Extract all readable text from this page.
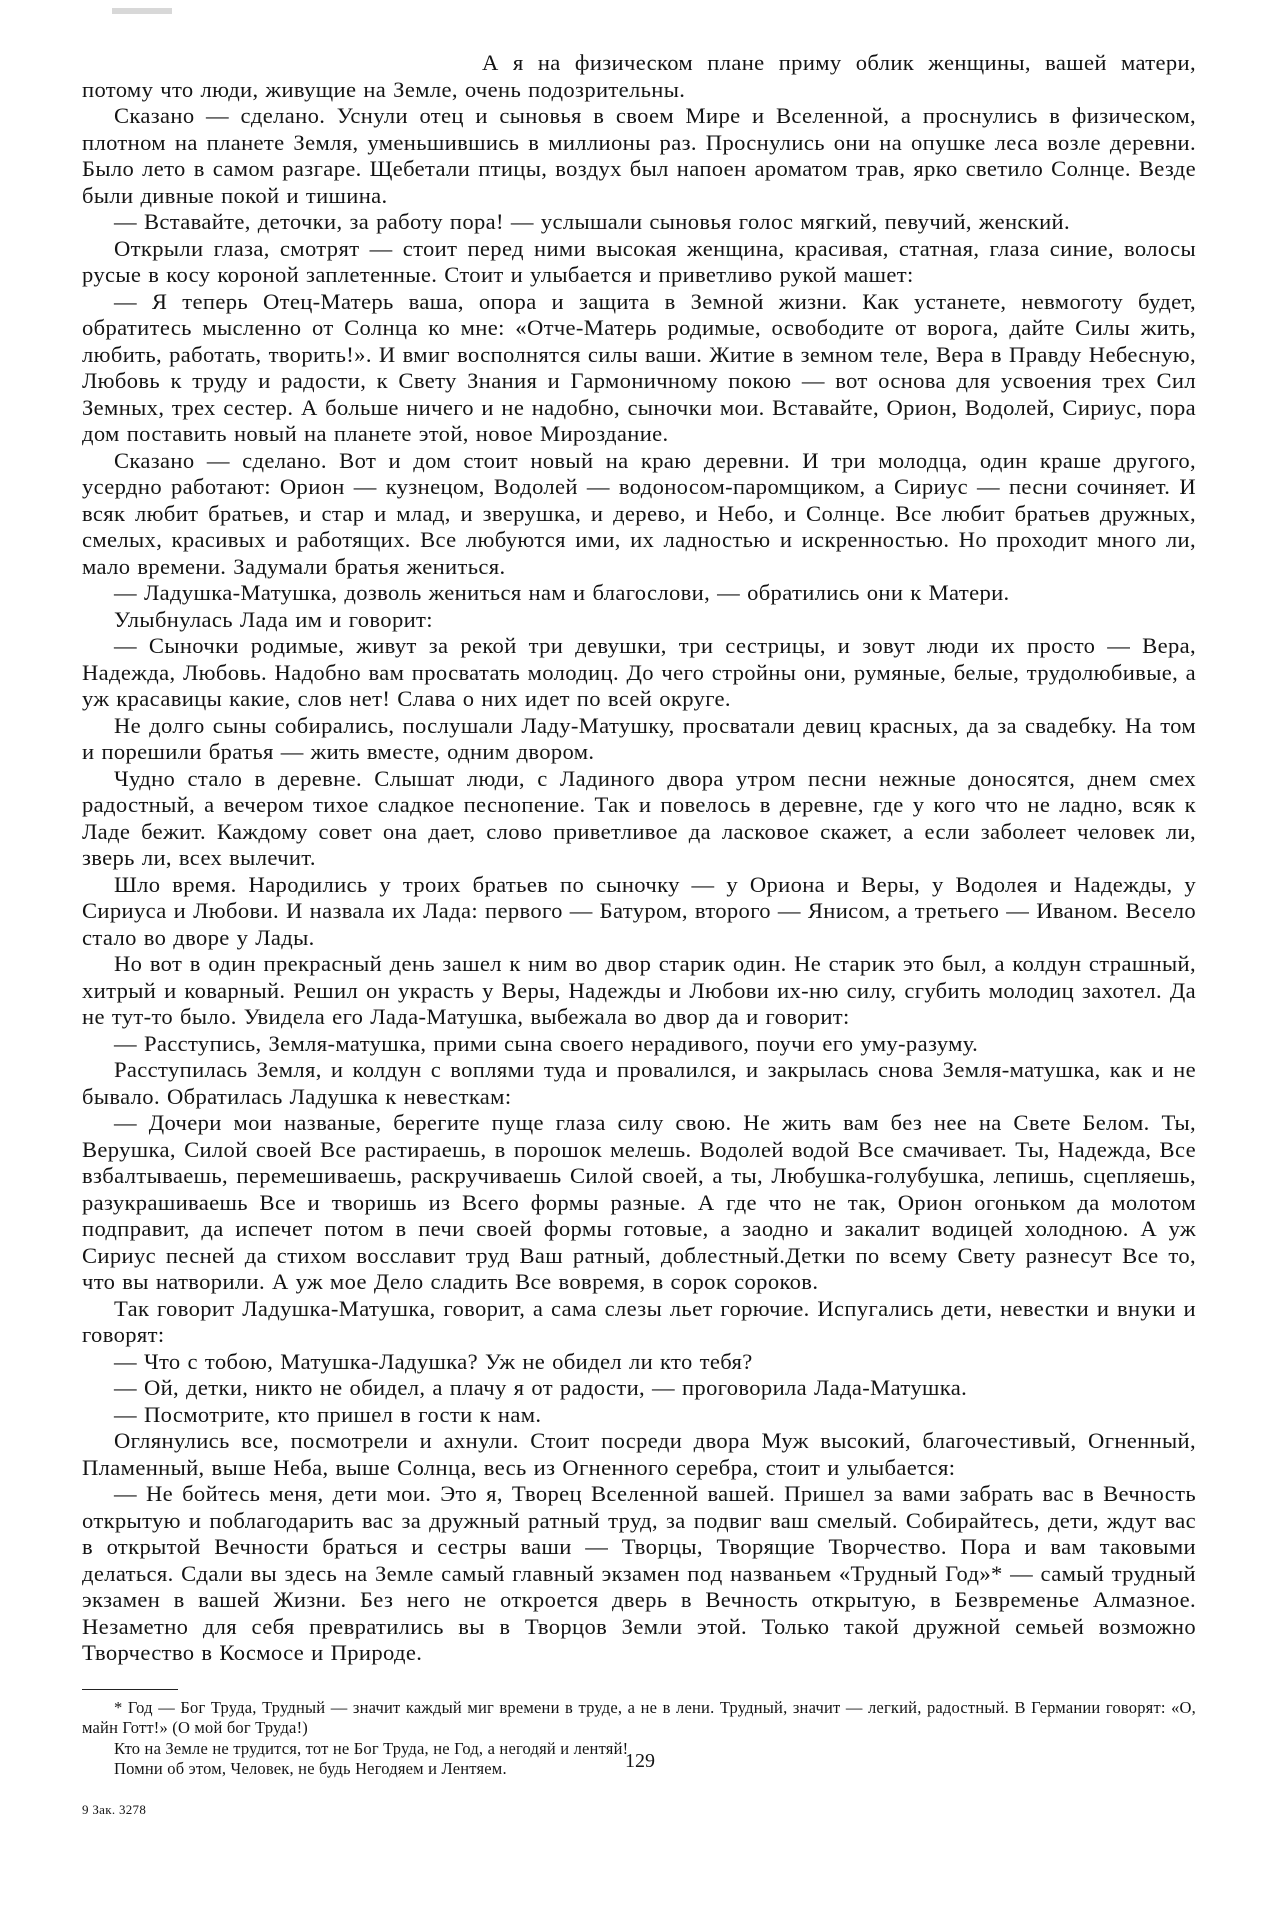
А я на физическом плане приму облик женщины, вашей матери, потому что люди, живущие на Земле, очень подозрительны.

Сказано — сделано. Уснули отец и сыновья в своем Мире и Вселенной, а проснулись в физическом, плотном на планете Земля, уменьшившись в миллионы раз. Проснулись они на опушке леса возле деревни. Было лето в самом разгаре. Щебетали птицы, воздух был напоен ароматом трав, ярко светило Солнце. Везде были дивные покой и тишина.

— Вставайте, деточки, за работу пора! — услышали сыновья голос мягкий, певучий, женский.

Открыли глаза, смотрят — стоит перед ними высокая женщина, красивая, статная, глаза синие, волосы русые в косу короной заплетенные. Стоит и улыбается и приветливо рукой машет:

— Я теперь Отец-Матерь ваша, опора и защита в Земной жизни. Как устанете, невмоготу будет, обратитесь мысленно от Солнца ко мне: «Отче-Матерь родимые, освободите от ворога, дайте Силы жить, любить, работать, творить!». И вмиг восполнятся силы ваши. Житие в земном теле, Вера в Правду Небесную, Любовь к труду и радости, к Свету Знания и Гармоничному покою — вот основа для усвоения трех Сил Земных, трех сестер. А больше ничего и не надобно, сыночки мои. Вставайте, Орион, Водолей, Сириус, пора дом поставить новый на планете этой, новое Мироздание.

Сказано — сделано. Вот и дом стоит новый на краю деревни. И три молодца, один краше другого, усердно работают: Орион — кузнецом, Водолей — водоносом-паромщиком, а Сириус — песни сочиняет. И всяк любит братьев, и стар и млад, и зверушка, и дерево, и Небо, и Солнце. Все любит братьев дружных, смелых, красивых и работящих. Все любуются ими, их ладностью и искренностью. Но проходит много ли, мало времени. Задумали братья жениться.

— Ладушка-Матушка, дозволь жениться нам и благослови, — обратились они к Матери.

Улыбнулась Лада им и говорит:

— Сыночки родимые, живут за рекой три девушки, три сестрицы, и зовут люди их просто — Вера, Надежда, Любовь. Надобно вам просватать молодиц. До чего стройны они, румяные, белые, трудолюбивые, а уж красавицы какие, слов нет! Слава о них идет по всей округе.

Не долго сыны собирались, послушали Ладу-Матушку, просватали девиц красных, да за свадебку. На том и порешили братья — жить вместе, одним двором.

Чудно стало в деревне. Слышат люди, с Ладиного двора утром песни нежные доносятся, днем смех радостный, а вечером тихое сладкое песнопение. Так и повелось в деревне, где у кого что не ладно, всяк к Ладе бежит. Каждому совет она дает, слово приветливое да ласковое скажет, а если заболеет человек ли, зверь ли, всех вылечит.

Шло время. Народились у троих братьев по сыночку — у Ориона и Веры, у Водолея и Надежды, у Сириуса и Любови. И назвала их Лада: первого — Батуром, второго — Янисом, а третьего — Иваном. Весело стало во дворе у Лады.

Но вот в один прекрасный день зашел к ним во двор старик один. Не старик это был, а колдун страшный, хитрый и коварный. Решил он украсть у Веры, Надежды и Любови их-ню силу, сгубить молодиц захотел. Да не тут-то было. Увидела его Лада-Матушка, выбежала во двор да и говорит:

— Расступись, Земля-матушка, прими сына своего нерадивого, поучи его уму-разуму.

Расступилась Земля, и колдун с воплями туда и провалился, и закрылась снова Земля-матушка, как и не бывало. Обратилась Ладушка к невесткам:

— Дочери мои названые, берегите пуще глаза силу свою. Не жить вам без нее на Свете Белом. Ты, Верушка, Силой своей Все растираешь, в порошок мелешь. Водолей водой Все смачивает. Ты, Надежда, Все взбалтываешь, перемешиваешь, раскручиваешь Силой своей, а ты, Любушка-голубушка, лепишь, сцепляешь, разукрашиваешь Все и творишь из Всего формы разные. А где что не так, Орион огоньком да молотом подправит, да испечет потом в печи своей формы готовые, а заодно и закалит водицей холодною. А уж Сириус песней да стихом восславит труд Ваш ратный, доблестный.Детки по всему Свету разнесут Все то, что вы натворили. А уж мое Дело сладить Все вовремя, в сорок сороков.

Так говорит Ладушка-Матушка, говорит, а сама слезы льет горючие. Испугались дети, невестки и внуки и говорят:

— Что с тобою, Матушка-Ладушка? Уж не обидел ли кто тебя?

— Ой, детки, никто не обидел, а плачу я от радости, — проговорила Лада-Матушка.

— Посмотрите, кто пришел в гости к нам.

Оглянулись все, посмотрели и ахнули. Стоит посреди двора Муж высокий, благочестивый, Огненный, Пламенный, выше Неба, выше Солнца, весь из Огненного серебра, стоит и улыбается:

— Не бойтесь меня, дети мои. Это я, Творец Вселенной вашей. Пришел за вами забрать вас в Вечность открытую и поблагодарить вас за дружный ратный труд, за подвиг ваш смелый. Собирайтесь, дети, ждут вас в открытой Вечности браться и сестры ваши — Творцы, Творящие Творчество. Пора и вам таковыми делаться. Сдали вы здесь на Земле самый главный экзамен под названьем «Трудный Год»* — самый трудный экзамен в вашей Жизни. Без него не откроется дверь в Вечность открытую, в Безвременье Алмазное. Незаметно для себя превратились вы в Творцов Земли этой. Только такой дружной семьей возможно Творчество в Космосе и Природе.

* Год — Бог Труда, Трудный — значит каждый миг времени в труде, а не в лени. Трудный, значит — легкий, радостный. В Германии говорят: «О, майн Готт!» (О мой бог Труда!)

Кто на Земле не трудится, тот не Бог Труда, не Год, а негодяй и лентяй!

Помни об этом, Человек, не будь Негодяем и Лентяем.	129
9 Зак. 3278
